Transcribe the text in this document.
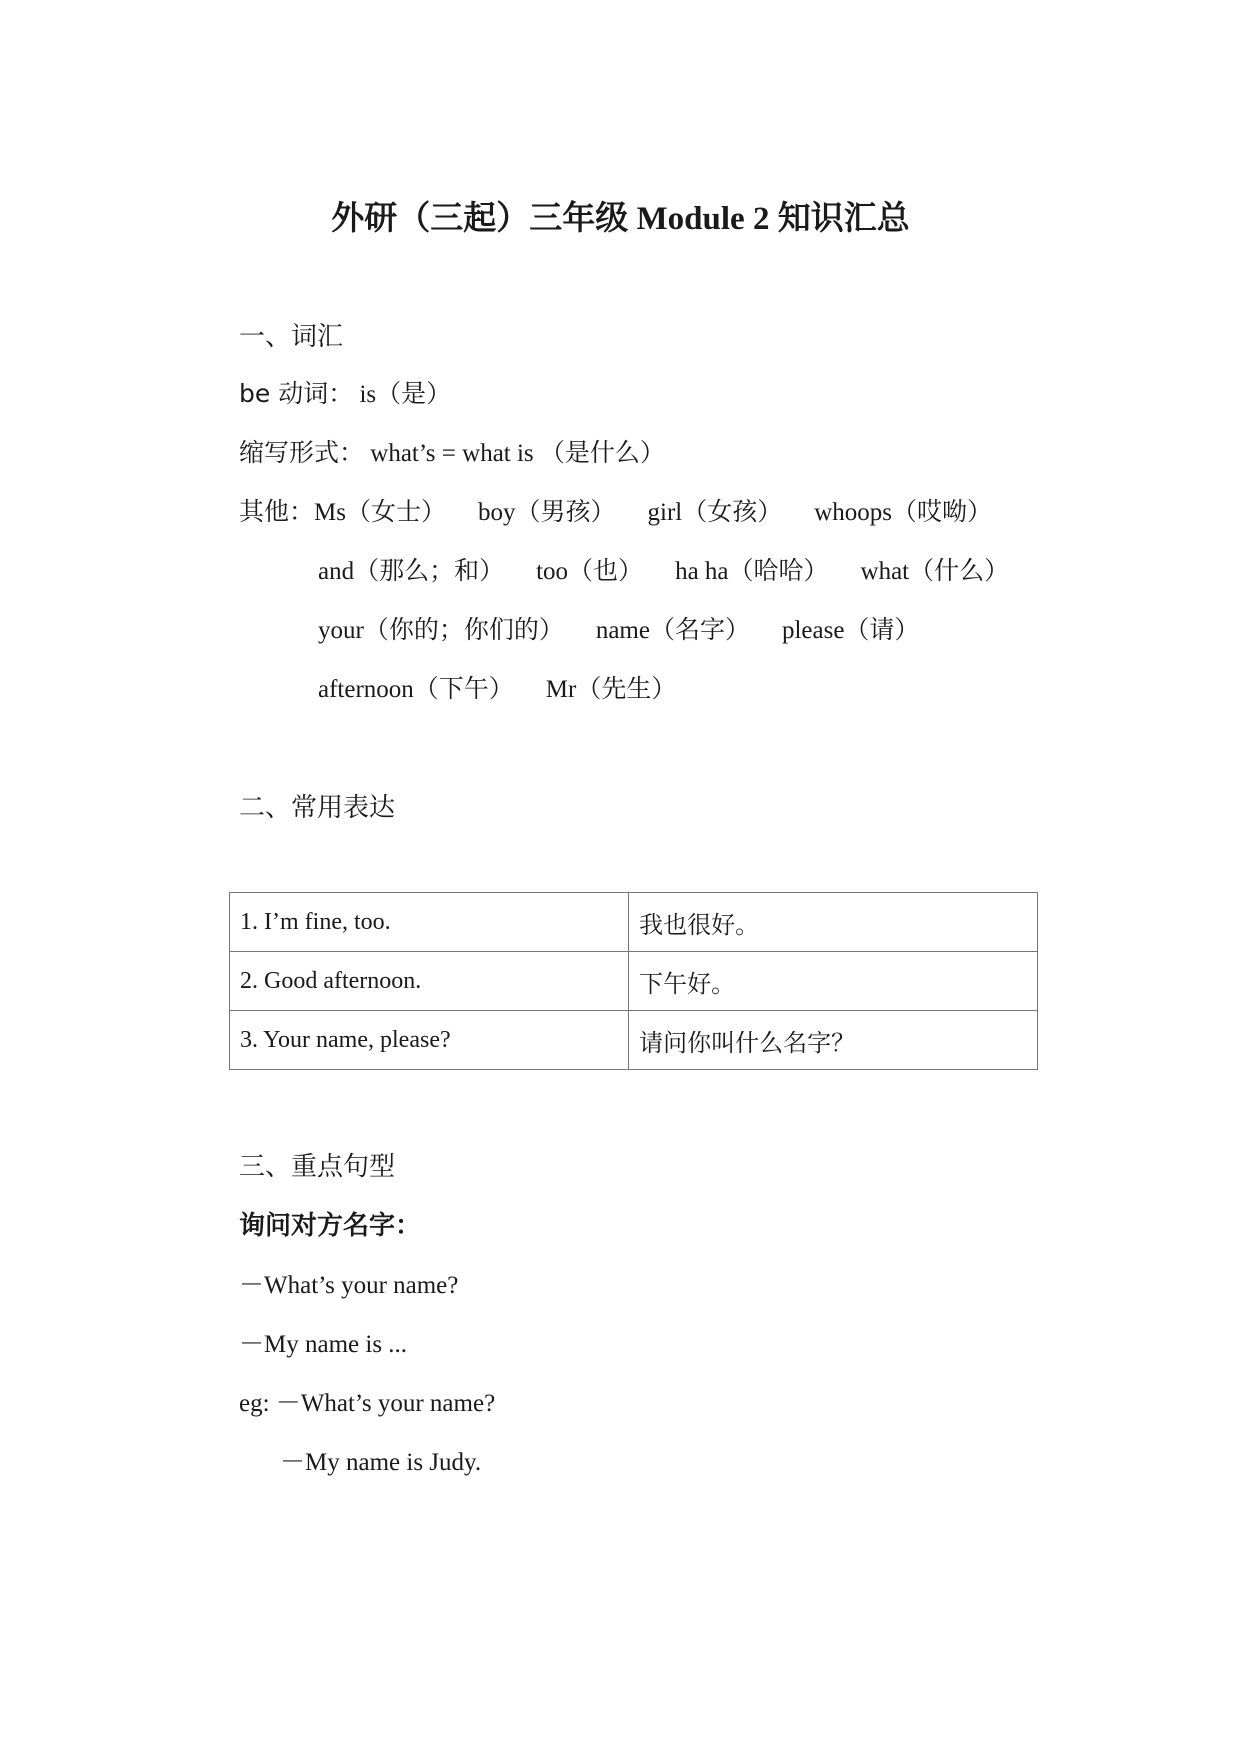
外研（三起）三年级 Module 2 知识汇总
一、词汇
be 动词： is（是）
缩写形式： what’s = what is （是什么）
其他：Ms（女士） boy（男孩） girl（女孩） whoops（哎呦）
and（那么；和） too（也） ha ha（哈哈） what（什么）
your（你的；你们的） name（名字） please（请）
afternoon（下午） Mr（先生）
二、常用表达
1. I’m fine, too.	我也很好。
2. Good afternoon.	下午好。
3. Your name, please?	请问你叫什么名字？
三、重点句型
询问对方名字：
－What’s your name?
－My name is ...
eg: －What’s your name?
－My name is Judy.
